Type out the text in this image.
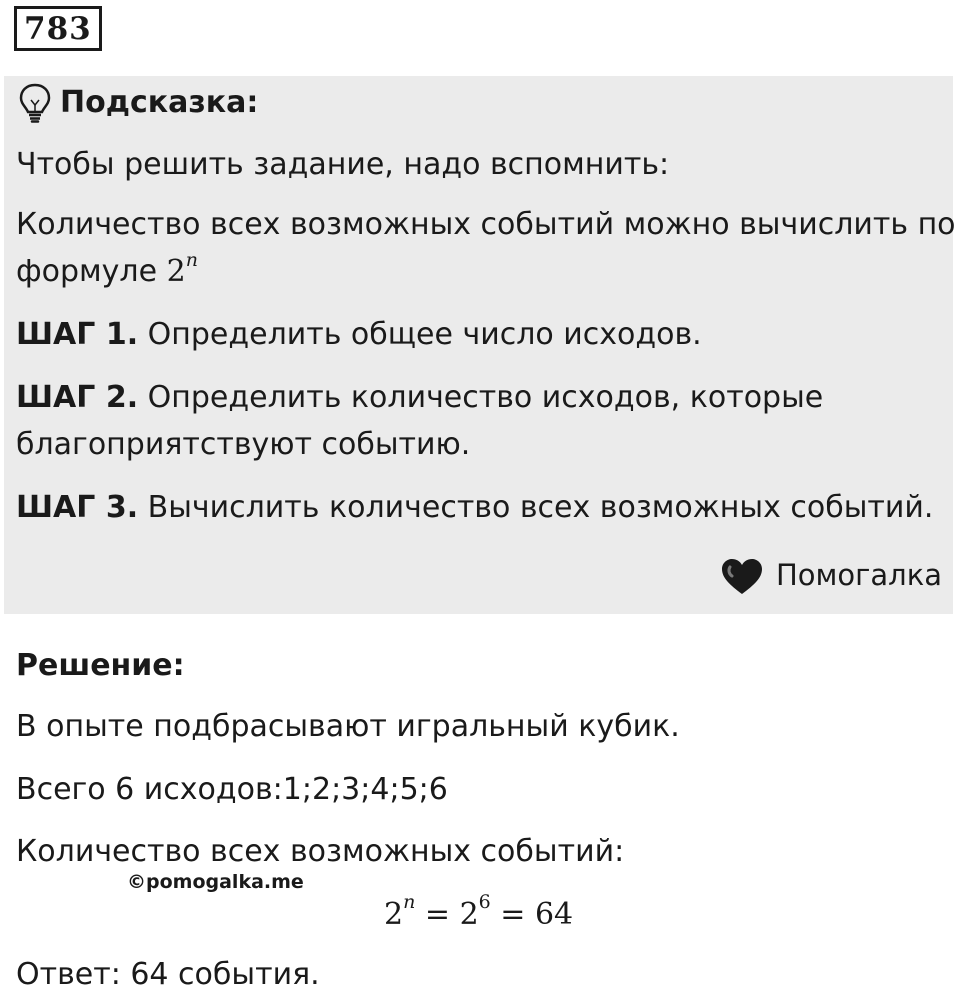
783
Подсказка:
Чтобы решить задание, надо вспомнить:
Количество всех возможных событий можно вычислить по
формуле 2$^n$
ШАГ 1. Определить общее число исходов.
ШАГ 2. Определить количество исходов, которые
благоприятствуют событию.
ШАГ 3. Вычислить количество всех возможных событий.
Помогалка
Решение:
В опыте подбрасывают игральный кубик.
Всего 6 исходов:1;2;3;4;5;6
Количество всех возможных событий:
©pomogalka.me
$2^n = 2^6 = 64$
Ответ: 64 события.
